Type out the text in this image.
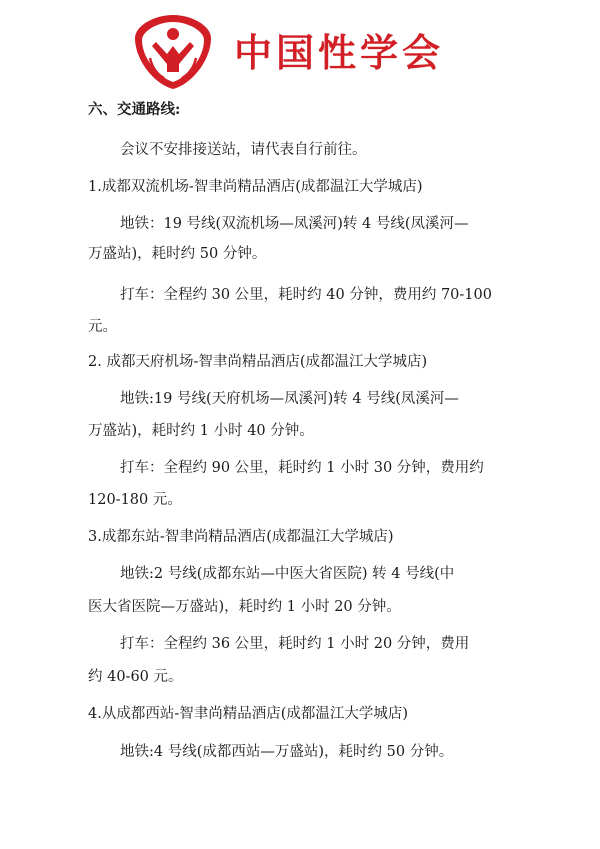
中国性学会
六、交通路线:
会议不安排接送站，请代表自行前往。
1.成都双流机场-智聿尚精品酒店(成都温江大学城店)
地铁：19 号线(双流机场—凤溪河)转 4 号线(凤溪河—
万盛站)，耗时约 50 分钟。
打车：全程约 30 公里，耗时约 40 分钟，费用约 70-100
元。
2. 成都天府机场-智聿尚精品酒店(成都温江大学城店)
地铁:19 号线(天府机场—凤溪河)转 4 号线(凤溪河—
万盛站)，耗时约 1 小时 40 分钟。
打车：全程约 90 公里，耗时约 1 小时 30 分钟，费用约
120-180 元。
3.成都东站-智聿尚精品酒店(成都温江大学城店)
地铁:2 号线(成都东站—中医大省医院) 转 4 号线(中
医大省医院—万盛站)，耗时约 1 小时 20 分钟。
打车：全程约 36 公里，耗时约 1 小时 20 分钟，费用
约 40-60 元。
4.从成都西站-智聿尚精品酒店(成都温江大学城店)
地铁:4 号线(成都西站—万盛站)，耗时约 50 分钟。
